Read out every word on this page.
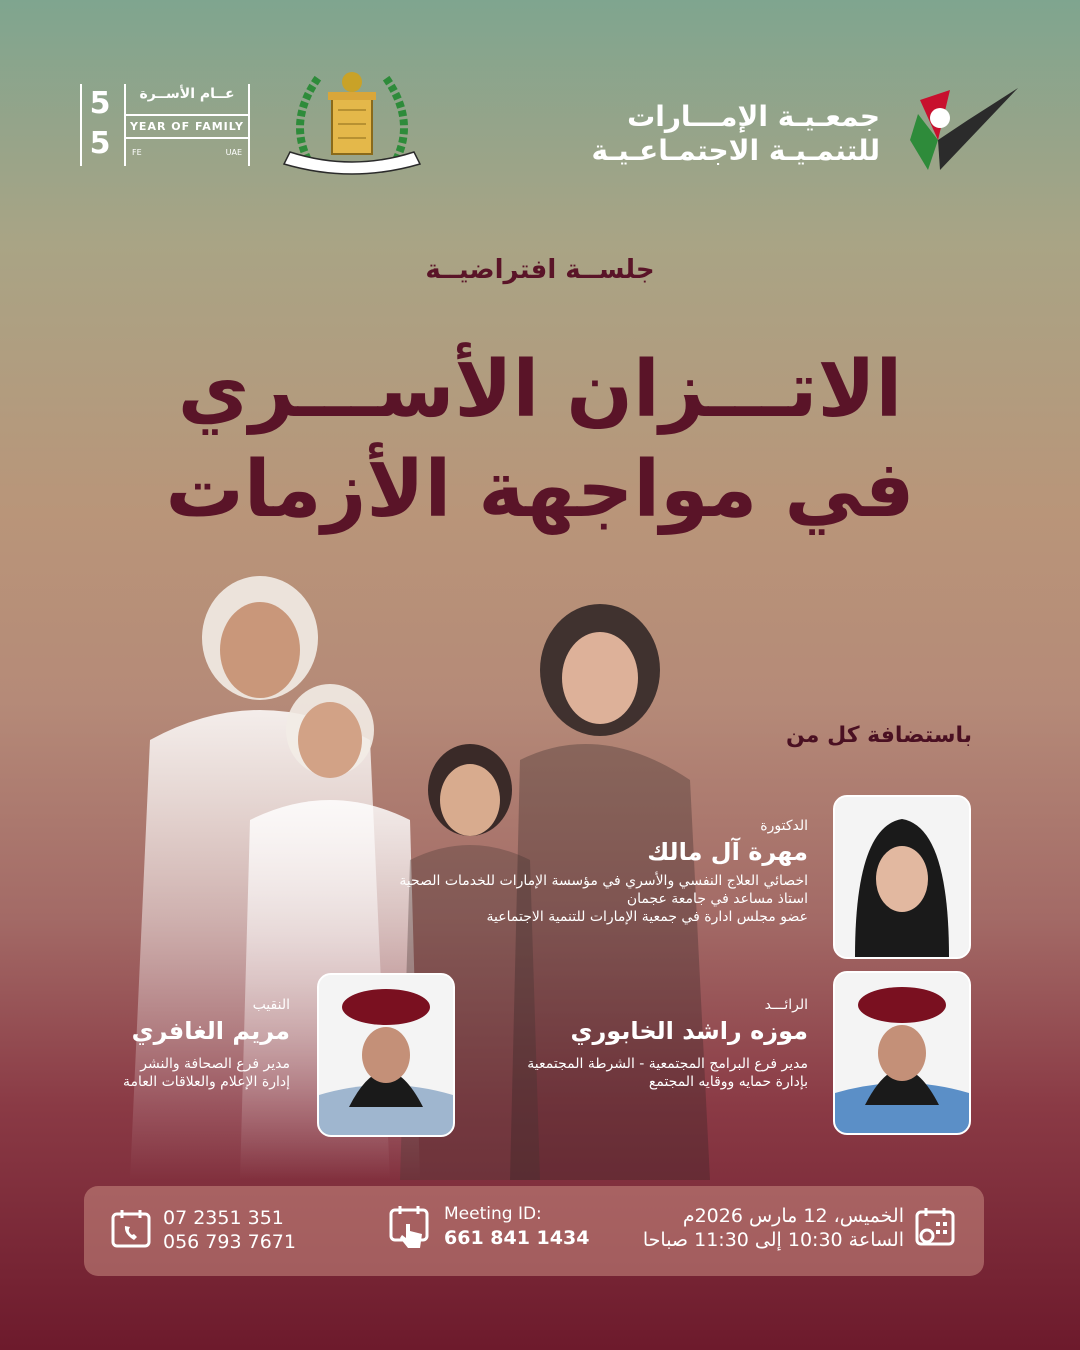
5
5
عــام الأســرة
YEAR OF FAMILY
FE	UAE
جمعـيـة الإمـــارات
للتنمـيـة الاجتمـاعـيـة
جلســة افتراضيــة
الاتـــزان الأســـري
في مواجهة الأزمات
باستضافة كل من
الدكتورة
مهرة آل مالك
اخصائي العلاج النفسي والأسري في مؤسسة الإمارات للخدمات الصحية
استاذ مساعد في جامعة عجمان
عضو مجلس ادارة في جمعية الإمارات للتنمية الاجتماعية
الرائـــد
موزه راشد الخابوري
مدير فرع البرامج المجتمعية - الشرطة المجتمعية
بإدارة حمايه ووقايه المجتمع
النقيب
مريم الغافري
مدير فرع الصحافة والنشر
إدارة الإعلام والعلاقات العامة
07 2351 351
056 793 7671
Meeting ID:
661 841 1434
الخميس، 12 مارس 2026م
الساعة 10:30 إلى 11:30 صباحا
